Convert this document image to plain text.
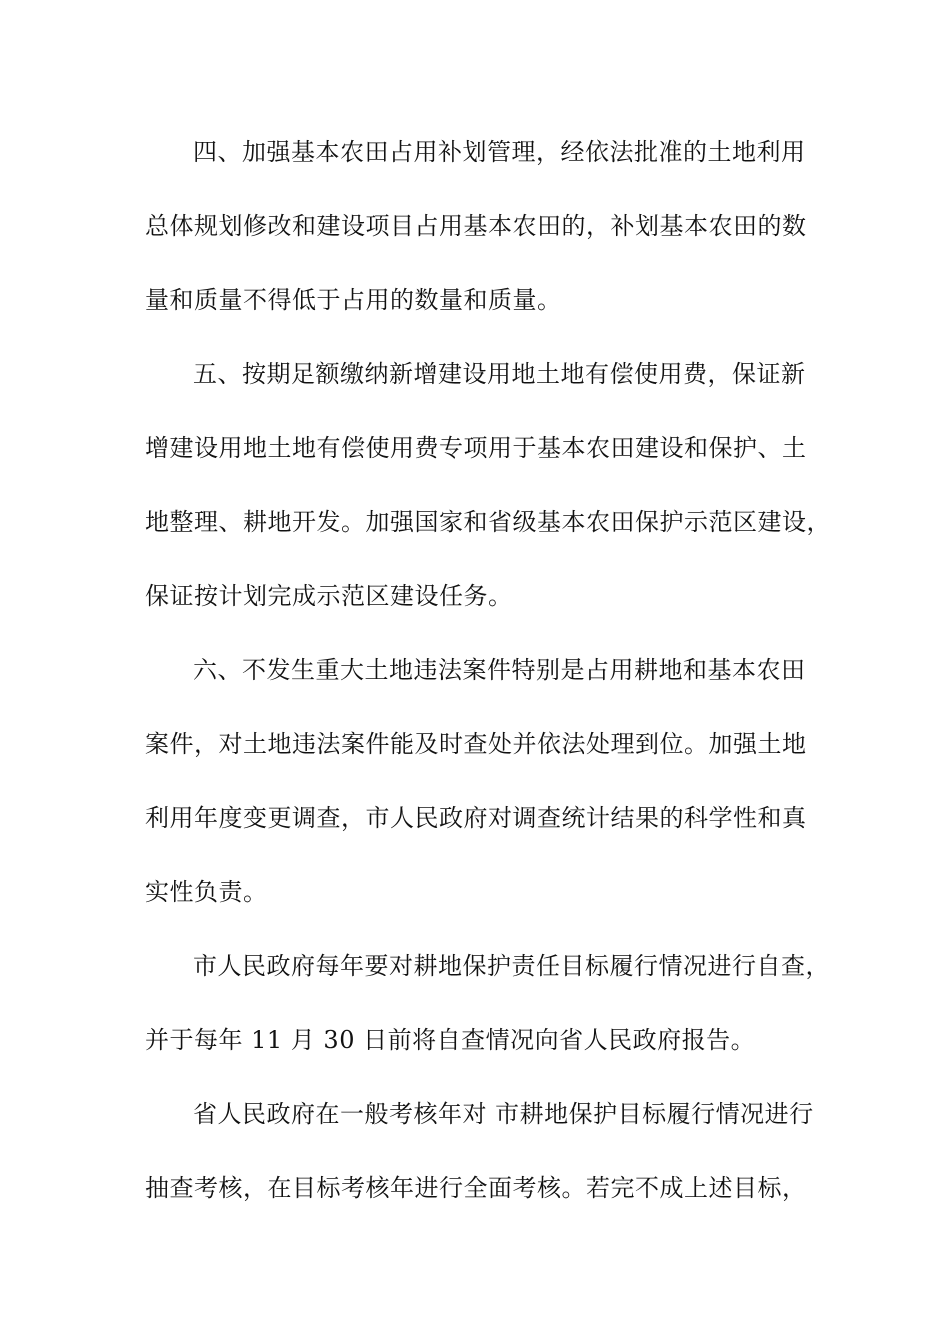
四、加强基本农田占用补划管理，经依法批准的土地利用
总体规划修改和建设项目占用基本农田的，补划基本农田的数
量和质量不得低于占用的数量和质量。
五、按期足额缴纳新增建设用地土地有偿使用费，保证新
增建设用地土地有偿使用费专项用于基本农田建设和保护、土
地整理、耕地开发。加强国家和省级基本农田保护示范区建设，
保证按计划完成示范区建设任务。
六、不发生重大土地违法案件特别是占用耕地和基本农田
案件，对土地违法案件能及时查处并依法处理到位。加强土地
利用年度变更调查，市人民政府对调查统计结果的科学性和真
实性负责。
市人民政府每年要对耕地保护责任目标履行情况进行自查，
并于每年 11 月 30 日前将自查情况向省人民政府报告。
省人民政府在一般考核年对 市耕地保护目标履行情况进行
抽查考核，在目标考核年进行全面考核。若完不成上述目标，
